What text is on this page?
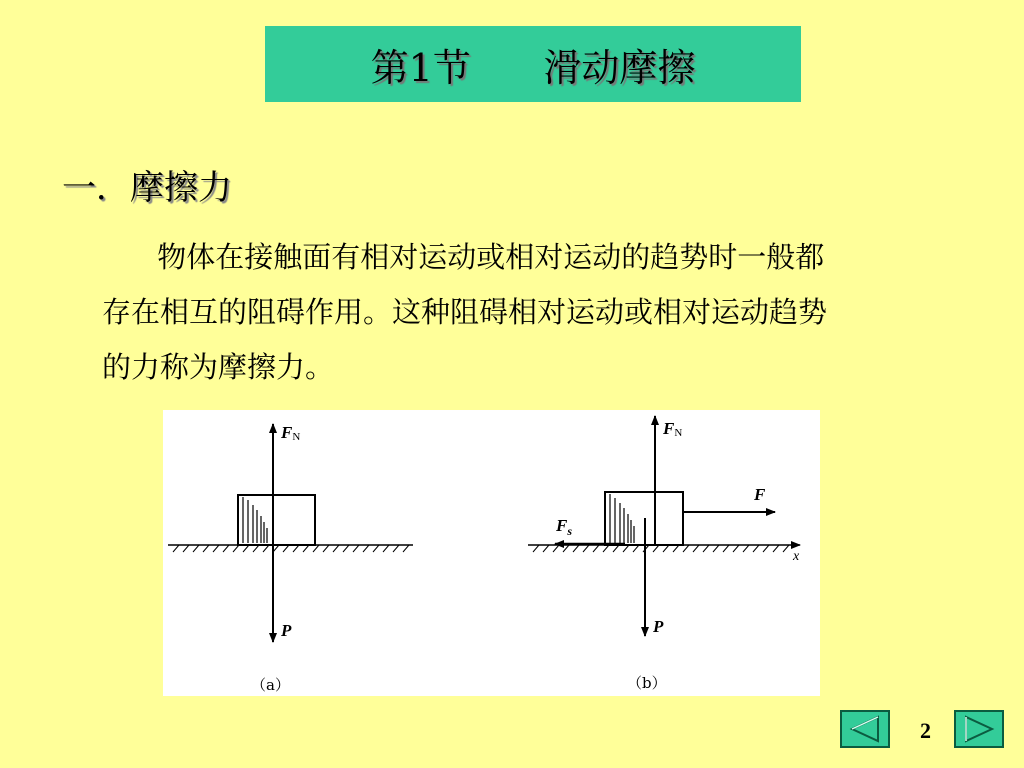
第1节      滑动摩擦
一．摩擦力
物体在接触面有相对运动或相对运动的趋势时一般都
存在相互的阻碍作用。这种阻碍相对运动或相对运动趋势
的力称为摩擦力。
FN
P
（a）
FN
F
$F_s$
x
P
（b）
2
